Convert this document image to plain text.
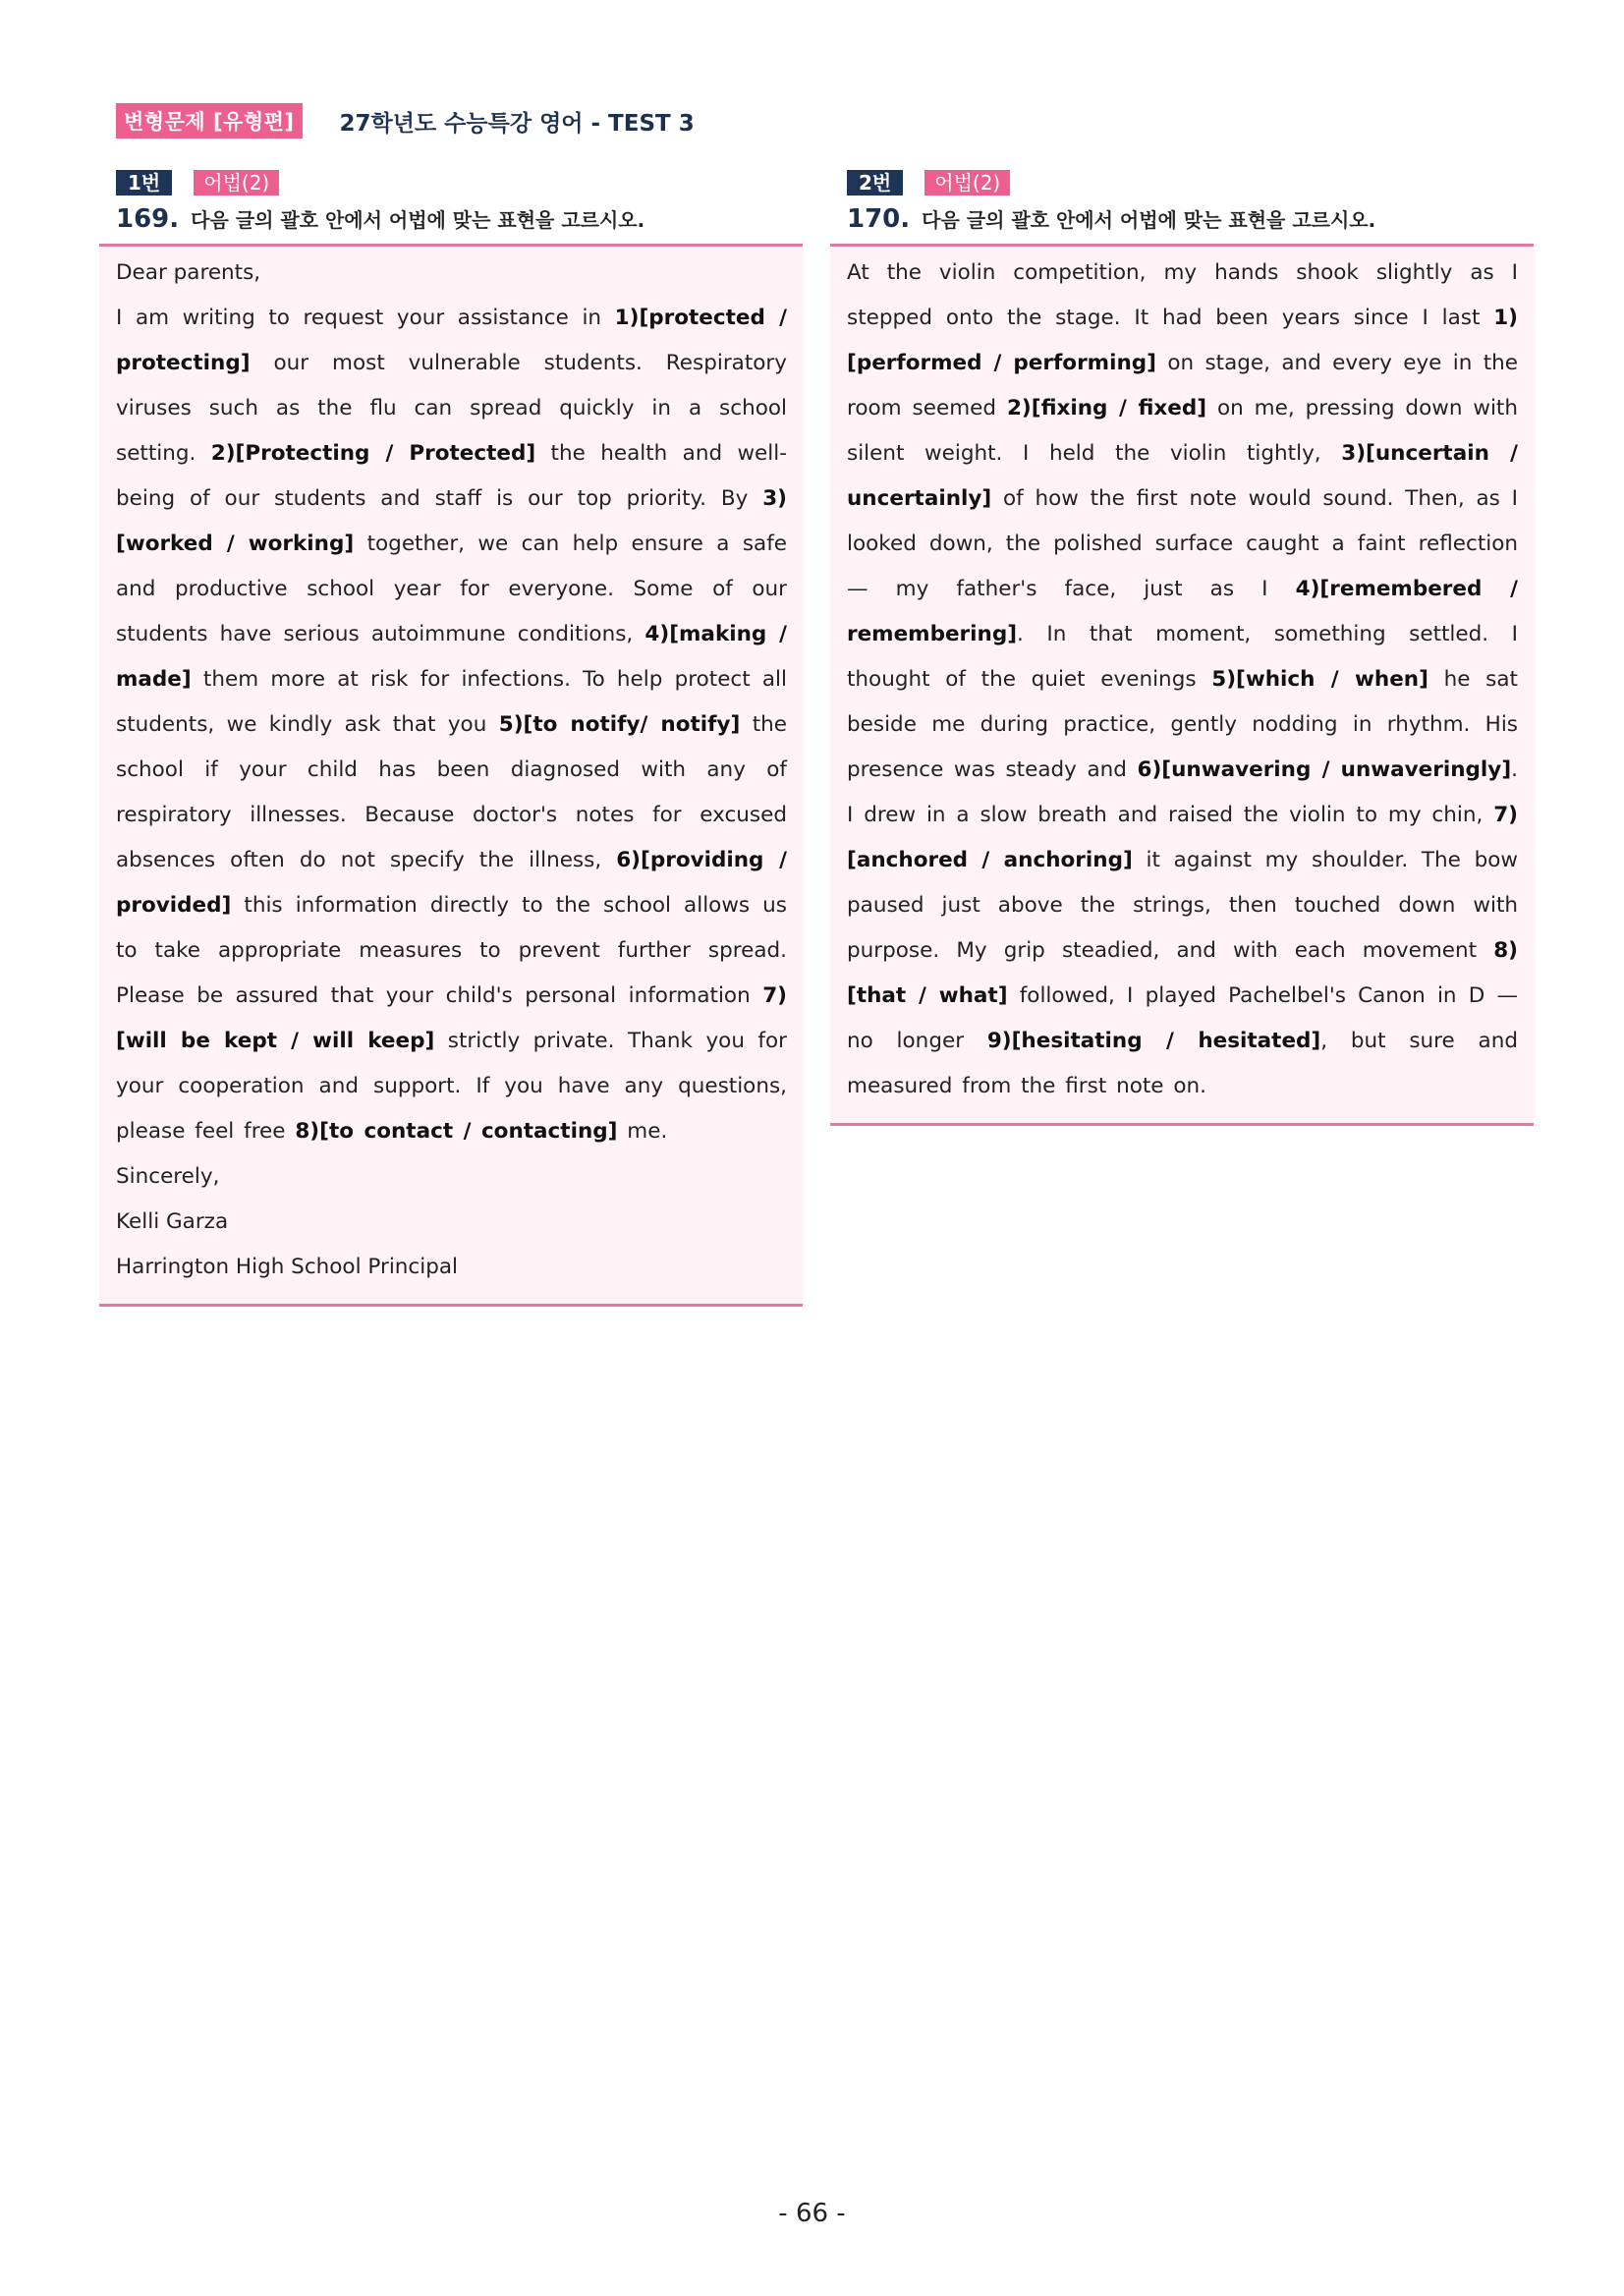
변형문제 [유형편]	27학년도 수능특강 영어 - TEST 3
1번	어법(2)
169. 다음 글의 괄호 안에서 어법에 맞는 표현을 고르시오.

Dear parents,

I am writing to request your assistance in 1)[protected / protecting] our most vulnerable students. Respiratory viruses such as the flu can spread quickly in a school setting. 2)[Protecting / Protected] the health and well-being of our students and staff is our top priority. By 3)[worked / working] together, we can help ensure a safe and productive school year for everyone. Some of our students have serious autoimmune conditions, 4)[making / made] them more at risk for infections. To help protect all students, we kindly ask that you 5)[to notify/ notify] the school if your child has been diagnosed with any of respiratory illnesses. Because doctor's notes for excused absences often do not specify the illness, 6)[providing / provided] this information directly to the school allows us to take appropriate measures to prevent further spread. Please be assured that your child's personal information 7)[will be kept / will keep] strictly private. Thank you for your cooperation and support. If you have any questions, please feel free 8)[to contact / contacting] me.

Sincerely,

Kelli Garza

Harrington High School Principal

2번	어법(2)
170. 다음 글의 괄호 안에서 어법에 맞는 표현을 고르시오.

At the violin competition, my hands shook slightly as I stepped onto the stage. It had been years since I last 1)[performed / performing] on stage, and every eye in the room seemed 2)[fixing / fixed] on me, pressing down with silent weight. I held the violin tightly, 3)[uncertain / uncertainly] of how the first note would sound. Then, as I looked down, the polished surface caught a faint reflection — my father's face, just as I 4)[remembered / remembering]. In that moment, something settled. I thought of the quiet evenings 5)[which / when] he sat beside me during practice, gently nodding in rhythm. His presence was steady and 6)[unwavering / unwaveringly]. I drew in a slow breath and raised the violin to my chin, 7)[anchored / anchoring] it against my shoulder. The bow paused just above the strings, then touched down with purpose. My grip steadied, and with each movement 8)[that / what] followed, I played Pachelbel's Canon in D — no longer 9)[hesitating / hesitated], but sure and measured from the first note on.

- 66 -
